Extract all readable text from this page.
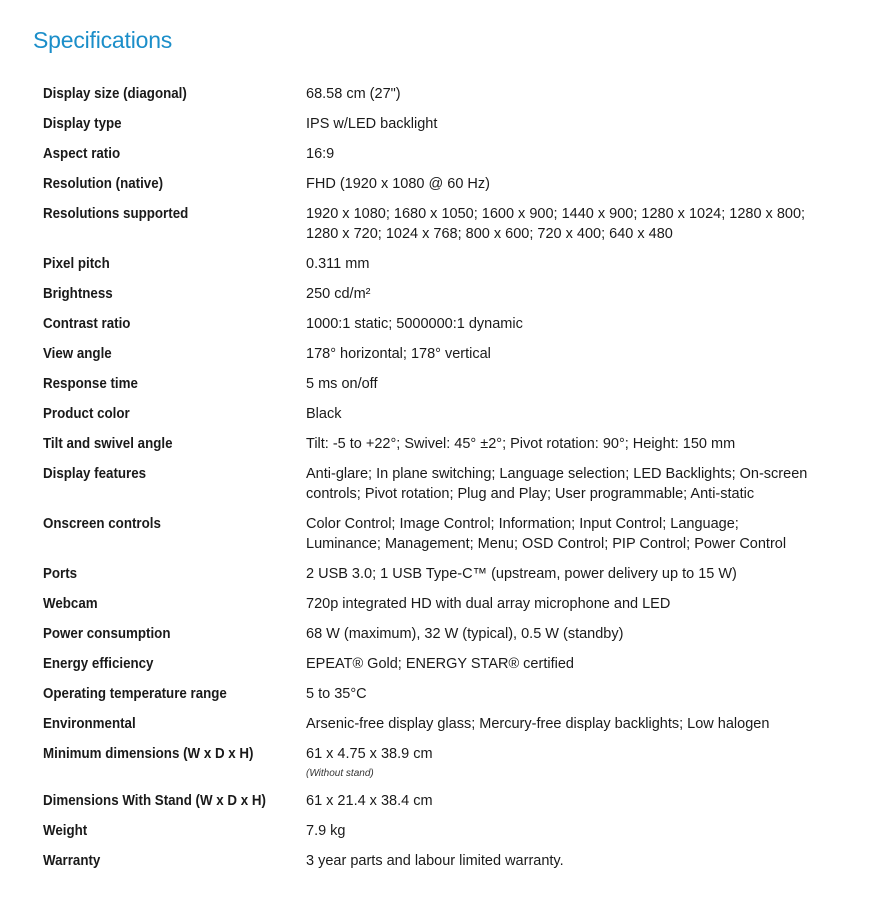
Specifications
Display size (diagonal)	68.58 cm (27")
Display type	IPS w/LED backlight
Aspect ratio	16:9
Resolution (native)	FHD (1920 x 1080 @ 60 Hz)
Resolutions supported	1920 x 1080; 1680 x 1050; 1600 x 900; 1440 x 900; 1280 x 1024; 1280 x 800; 1280 x 720; 1024 x 768; 800 x 600; 720 x 400; 640 x 480
Pixel pitch	0.311 mm
Brightness	250 cd/m²
Contrast ratio	1000:1 static; 5000000:1 dynamic
View angle	178° horizontal; 178° vertical
Response time	5 ms on/off
Product color	Black
Tilt and swivel angle	Tilt: -5 to +22°; Swivel: 45° ±2°; Pivot rotation: 90°; Height: 150 mm
Display features	Anti-glare; In plane switching; Language selection; LED Backlights; On-screen controls; Pivot rotation; Plug and Play; User programmable; Anti-static
Onscreen controls	Color Control; Image Control; Information; Input Control; Language; Luminance; Management; Menu; OSD Control; PIP Control; Power Control
Ports	2 USB 3.0; 1 USB Type-C™ (upstream, power delivery up to 15 W)
Webcam	720p integrated HD with dual array microphone and LED
Power consumption	68 W (maximum), 32 W (typical), 0.5 W (standby)
Energy efficiency	EPEAT® Gold; ENERGY STAR® certified
Operating temperature range	5 to 35°C
Environmental	Arsenic-free display glass; Mercury-free display backlights; Low halogen
Minimum dimensions (W x D x H)	61 x 4.75 x 38.9 cm
(Without stand)
Dimensions With Stand (W x D x H)	61 x 21.4 x 38.4 cm
Weight	7.9 kg
Warranty	3 year parts and labour limited warranty.
